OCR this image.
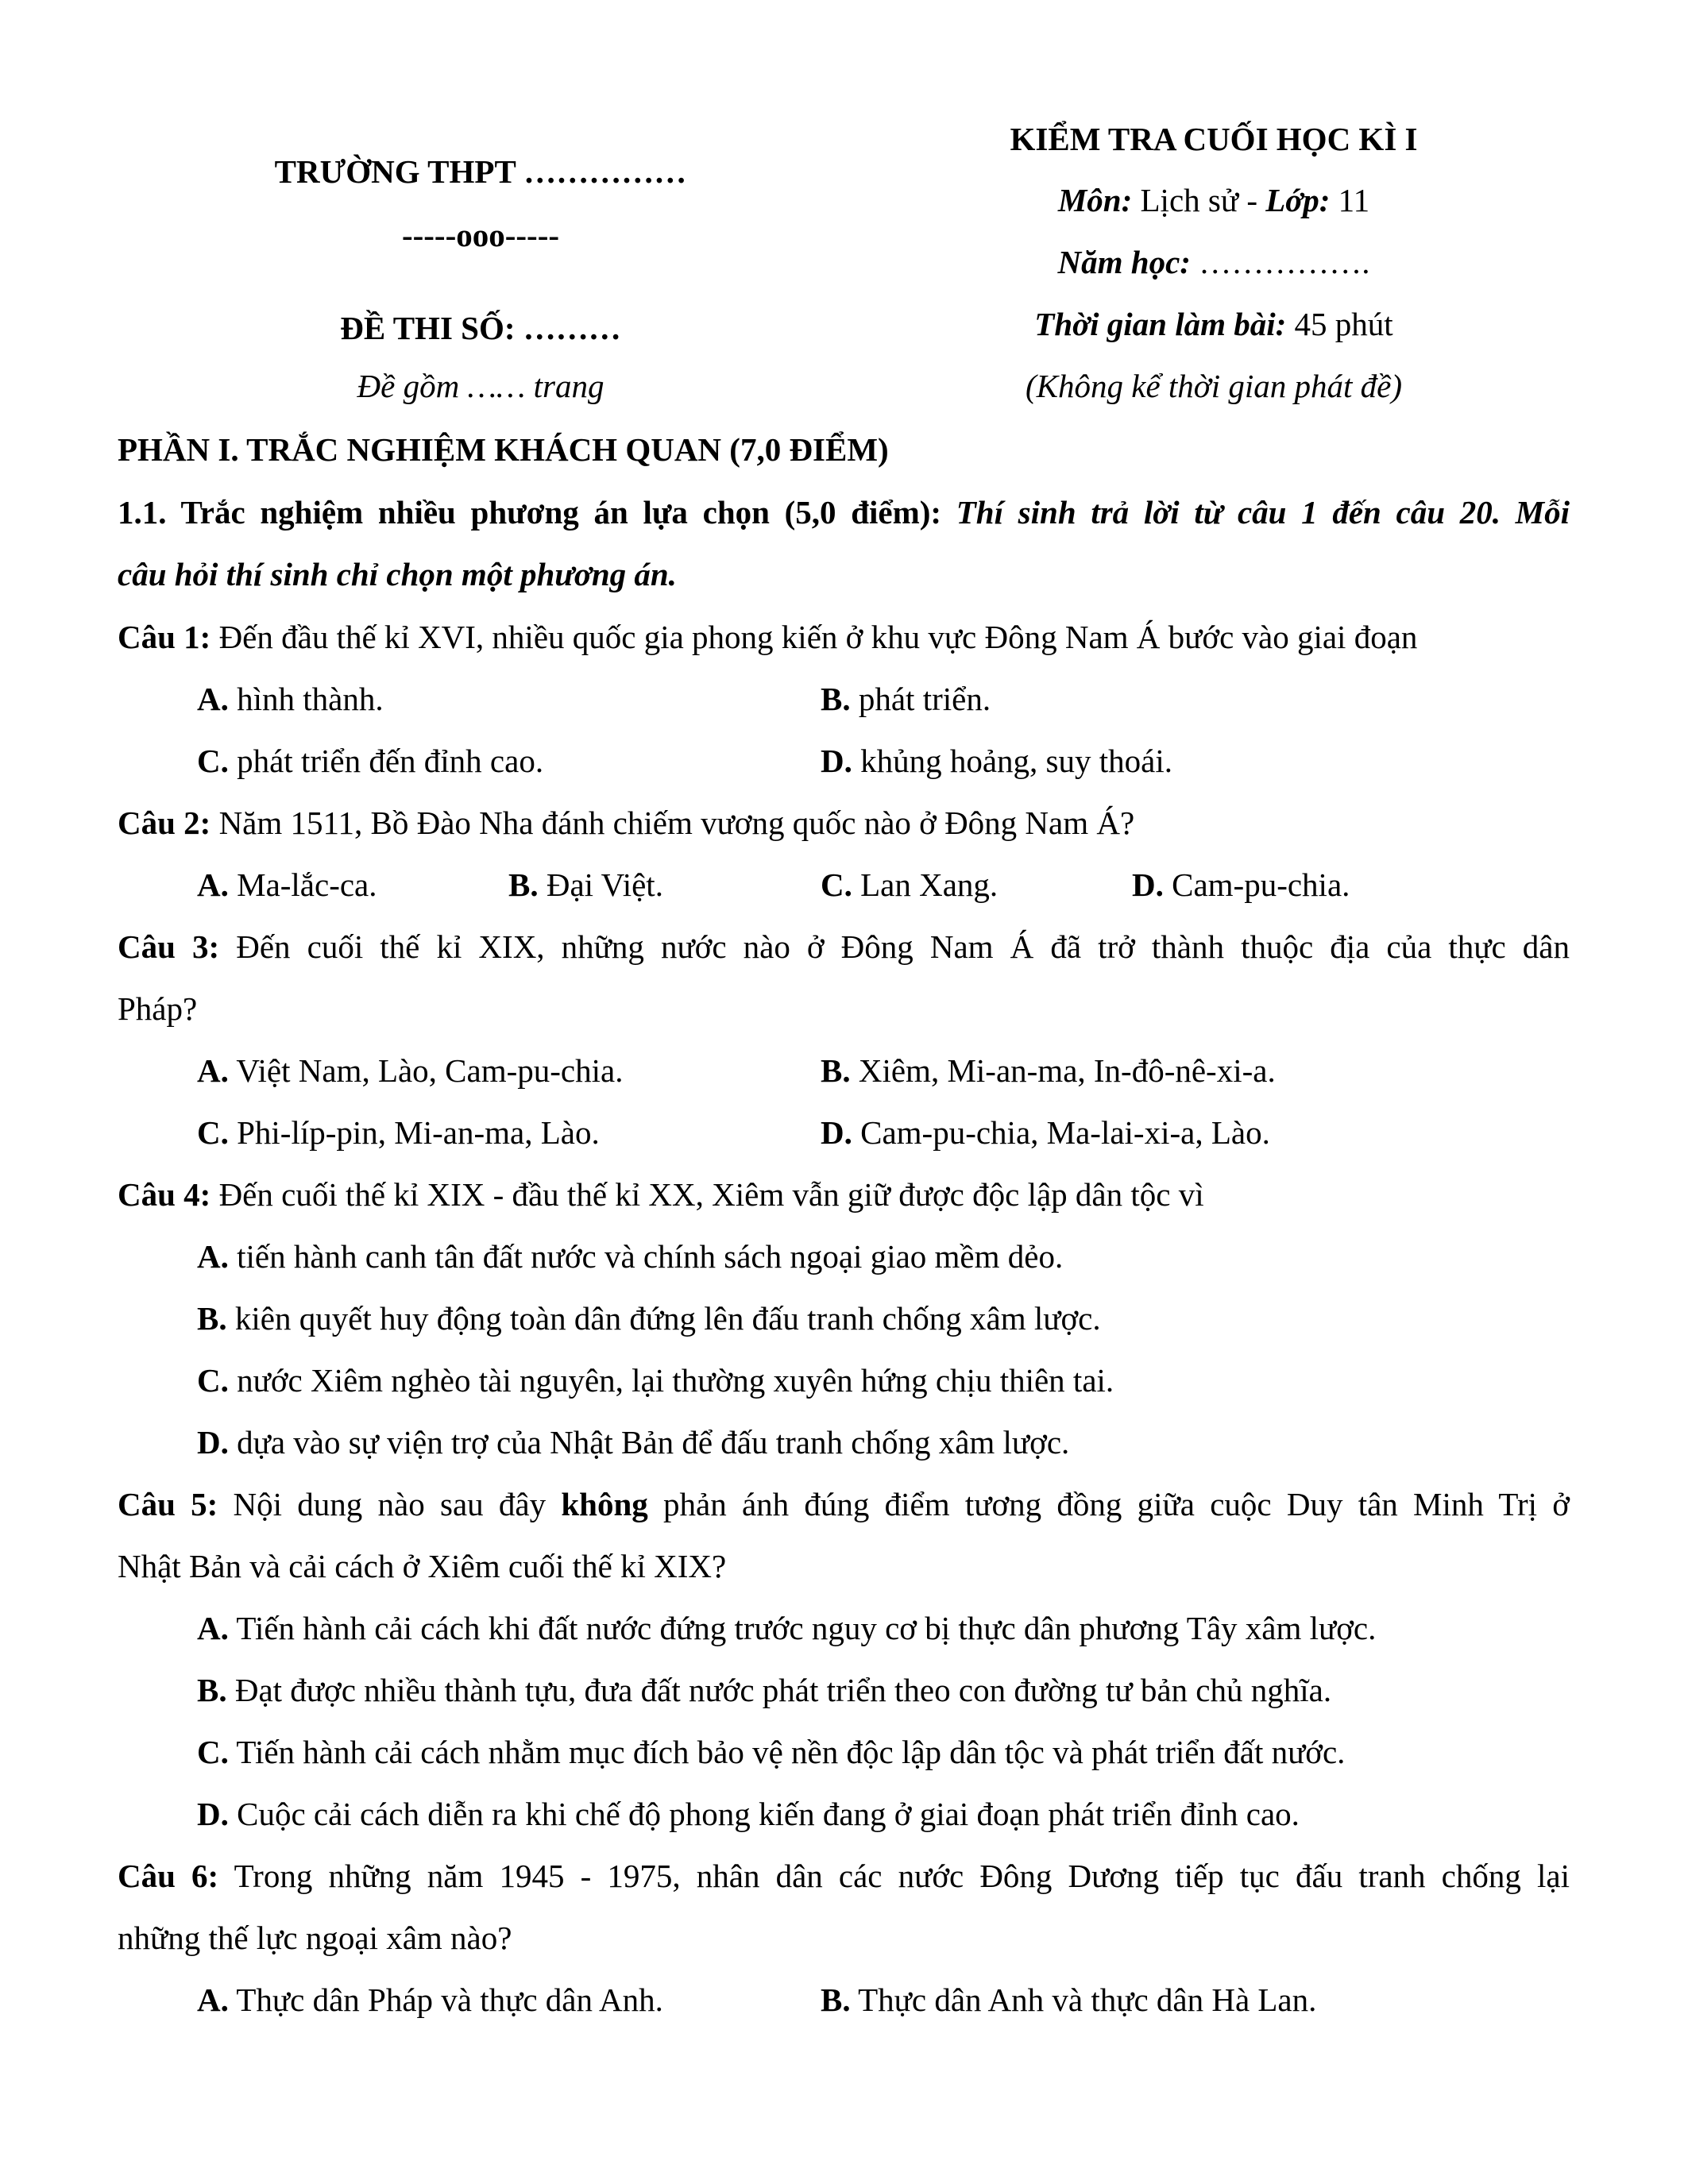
TRƯỜNG THPT ……………
-----ooo-----
ĐỀ THI SỐ: ………
Đề gồm …… trang
KIỂM TRA CUỐI HỌC KÌ I
Môn: Lịch sử - Lớp: 11
Năm học: …………….
Thời gian làm bài: 45 phút
(Không kể thời gian phát đề)
PHẦN I. TRẮC NGHIỆM KHÁCH QUAN (7,0 ĐIỂM)
1.1. Trắc nghiệm nhiều phương án lựa chọn (5,0 điểm): Thí sinh trả lời từ câu 1 đến câu 20. Mỗi
câu hỏi thí sinh chỉ chọn một phương án.
Câu 1: Đến đầu thế kỉ XVI, nhiều quốc gia phong kiến ở khu vực Đông Nam Á bước vào giai đoạn
A. hình thành.	B. phát triển.
C. phát triển đến đỉnh cao.	D. khủng hoảng, suy thoái.
Câu 2: Năm 1511, Bồ Đào Nha đánh chiếm vương quốc nào ở Đông Nam Á?
A. Ma-lắc-ca.	B. Đại Việt.	C. Lan Xang.	D. Cam-pu-chia.
Câu 3: Đến cuối thế kỉ XIX, những nước nào ở Đông Nam Á đã trở thành thuộc địa của thực dân
Pháp?
A. Việt Nam, Lào, Cam-pu-chia.	B. Xiêm, Mi-an-ma, In-đô-nê-xi-a.
C. Phi-líp-pin, Mi-an-ma, Lào.	D. Cam-pu-chia, Ma-lai-xi-a, Lào.
Câu 4: Đến cuối thế kỉ XIX - đầu thế kỉ XX, Xiêm vẫn giữ được độc lập dân tộc vì
A. tiến hành canh tân đất nước và chính sách ngoại giao mềm dẻo.
B. kiên quyết huy động toàn dân đứng lên đấu tranh chống xâm lược.
C. nước Xiêm nghèo tài nguyên, lại thường xuyên hứng chịu thiên tai.
D. dựa vào sự viện trợ của Nhật Bản để đấu tranh chống xâm lược.
Câu 5: Nội dung nào sau đây không phản ánh đúng điểm tương đồng giữa cuộc Duy tân Minh Trị ở
Nhật Bản và cải cách ở Xiêm cuối thế kỉ XIX?
A. Tiến hành cải cách khi đất nước đứng trước nguy cơ bị thực dân phương Tây xâm lược.
B. Đạt được nhiều thành tựu, đưa đất nước phát triển theo con đường tư bản chủ nghĩa.
C. Tiến hành cải cách nhằm mục đích bảo vệ nền độc lập dân tộc và phát triển đất nước.
D. Cuộc cải cách diễn ra khi chế độ phong kiến đang ở giai đoạn phát triển đỉnh cao.
Câu 6: Trong những năm 1945 - 1975, nhân dân các nước Đông Dương tiếp tục đấu tranh chống lại
những thế lực ngoại xâm nào?
A. Thực dân Pháp và thực dân Anh.	B. Thực dân Anh và thực dân Hà Lan.
